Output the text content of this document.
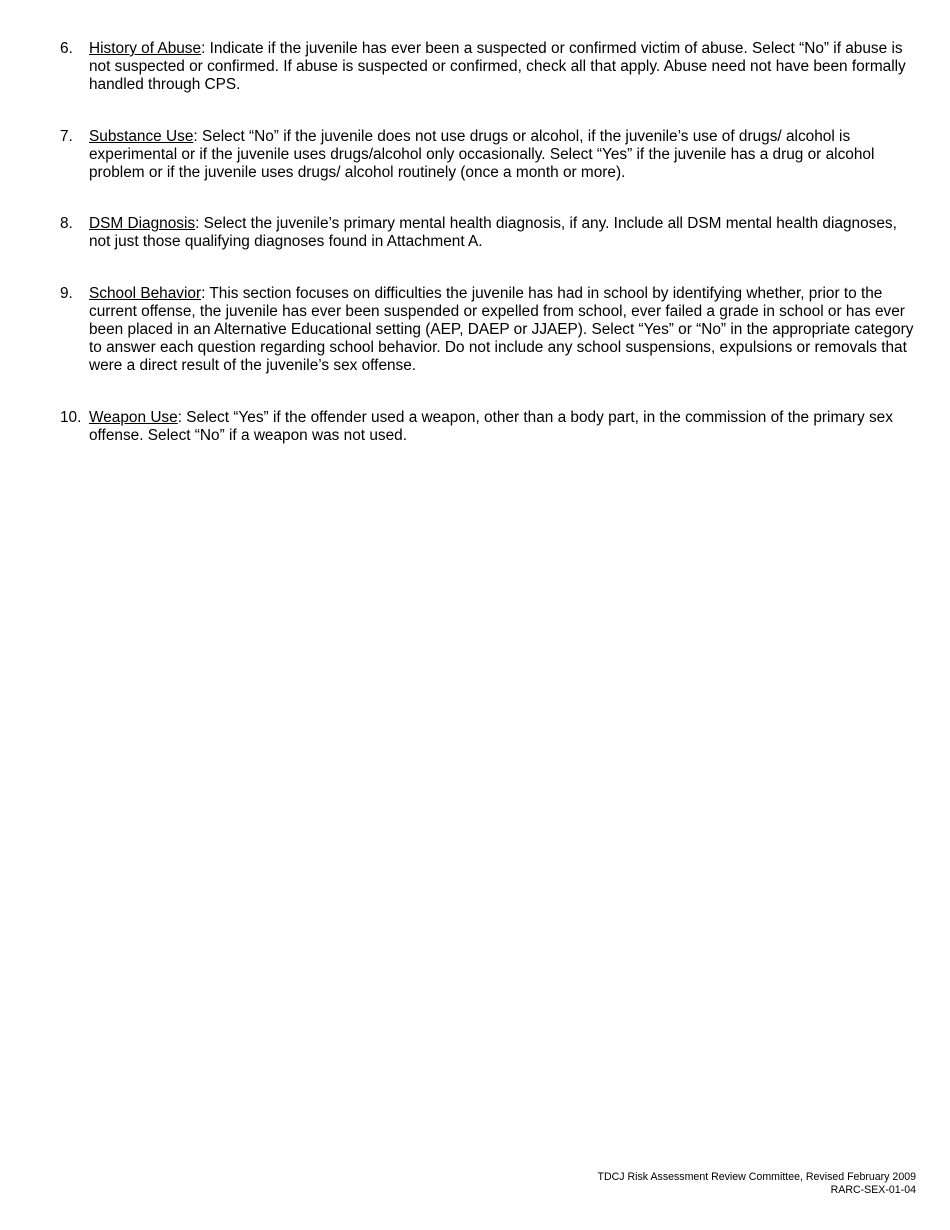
6.	History of Abuse: Indicate if the juvenile has ever been a suspected or confirmed victim of abuse. Select “No” if abuse is not suspected or confirmed. If abuse is suspected or confirmed, check all that apply. Abuse need not have been formally handled through CPS.
7.	Substance Use: Select “No” if the juvenile does not use drugs or alcohol, if the juvenile’s use of drugs/ alcohol is experimental or if the juvenile uses drugs/alcohol only occasionally. Select “Yes” if the juvenile has a drug or alcohol problem or if the juvenile uses drugs/ alcohol routinely (once a month or more).
8.	DSM Diagnosis: Select the juvenile’s primary mental health diagnosis, if any. Include all DSM mental health diagnoses, not just those qualifying diagnoses found in Attachment A.
9.	School Behavior: This section focuses on difficulties the juvenile has had in school by identifying whether, prior to the current offense, the juvenile has ever been suspended or expelled from school, ever failed a grade in school or has ever been placed in an Alternative Educational setting (AEP, DAEP or JJAEP). Select “Yes” or “No” in the appropriate category to answer each question regarding school behavior. Do not include any school suspensions, expulsions or removals that were a direct result of the juvenile’s sex offense.
10. Weapon Use: Select “Yes” if the offender used a weapon, other than a body part, in the commission of the primary sex offense. Select “No” if a weapon was not used.
TDCJ Risk Assessment Review Committee, Revised February 2009
RARC-SEX-01-04
